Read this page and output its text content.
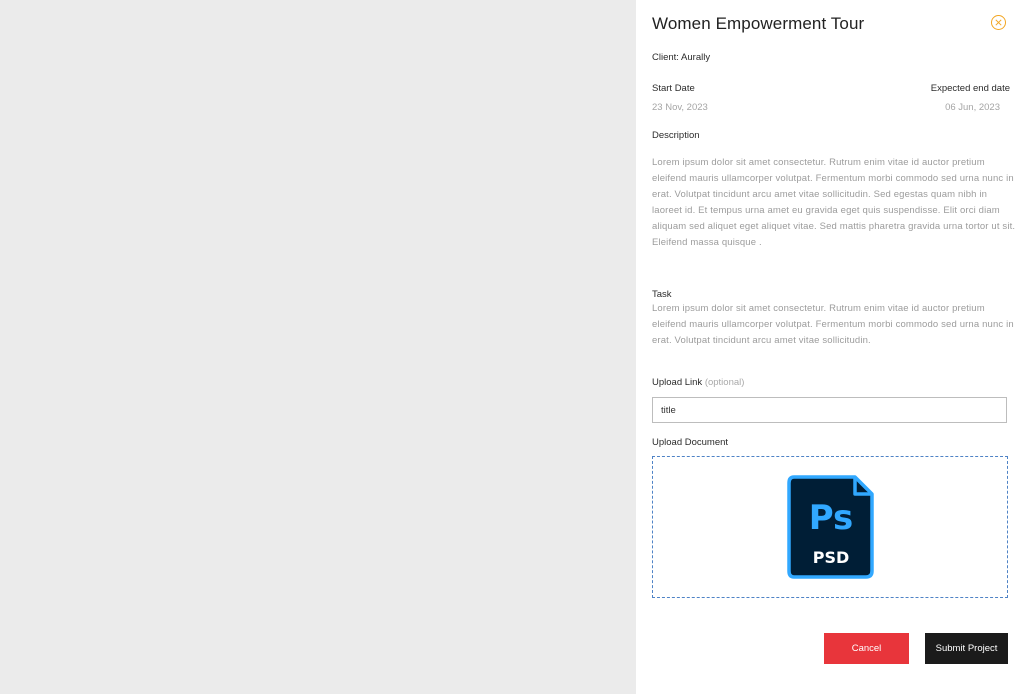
Women Empowerment Tour
Client: Aurally
Start Date
23 Nov, 2023
Expected end date
06 Jun, 2023
Description
Lorem ipsum dolor sit amet consectetur. Rutrum enim vitae id auctor pretium eleifend mauris ullamcorper volutpat. Fermentum morbi commodo sed urna nunc in erat. Volutpat tincidunt arcu amet vitae sollicitudin. Sed egestas quam nibh in laoreet id. Et tempus urna amet eu gravida eget quis suspendisse. Elit orci diam aliquam sed aliquet eget aliquet vitae. Sed mattis pharetra gravida urna tortor ut sit. Eleifend massa quisque .
Task
Lorem ipsum dolor sit amet consectetur. Rutrum enim vitae id auctor pretium eleifend mauris ullamcorper volutpat. Fermentum morbi commodo sed urna nunc in erat. Volutpat tincidunt arcu amet vitae sollicitudin.
Upload Link (optional)
title
Upload Document
Ps
PSD
Cancel	Submit Project
